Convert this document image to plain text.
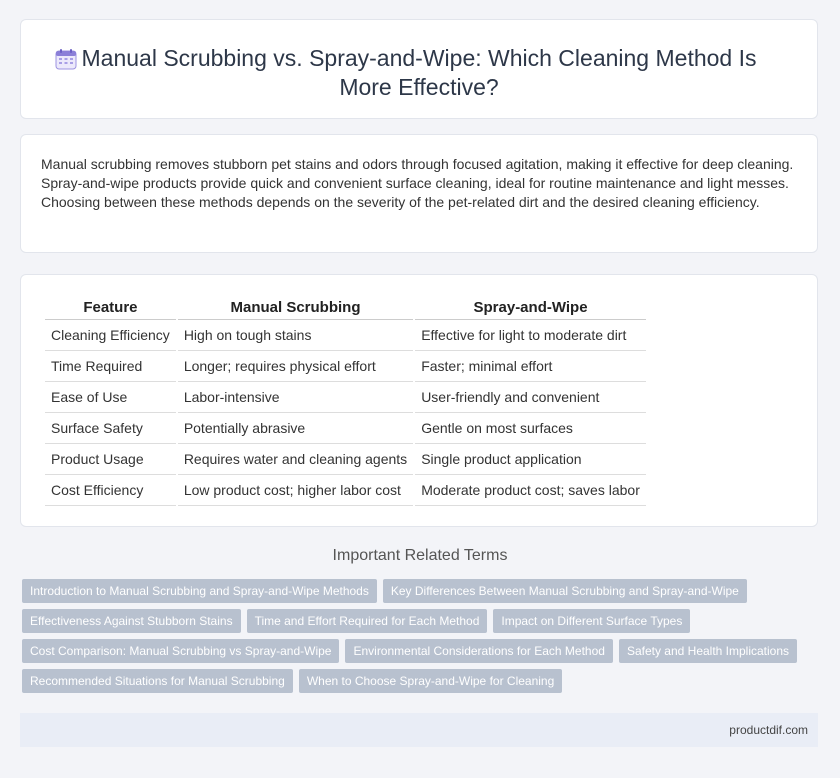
Manual Scrubbing vs. Spray-and-Wipe: Which Cleaning Method Is More Effective?

Manual scrubbing removes stubborn pet stains and odors through focused agitation, making it effective for deep cleaning. Spray-and-wipe products provide quick and convenient surface cleaning, ideal for routine maintenance and light messes. Choosing between these methods depends on the severity of the pet-related dirt and the desired cleaning efficiency.

Feature	Manual Scrubbing	Spray-and-Wipe
Cleaning Efficiency	High on tough stains	Effective for light to moderate dirt
Time Required	Longer; requires physical effort	Faster; minimal effort
Ease of Use	Labor-intensive	User-friendly and convenient
Surface Safety	Potentially abrasive	Gentle on most surfaces
Product Usage	Requires water and cleaning agents	Single product application
Cost Efficiency	Low product cost; higher labor cost	Moderate product cost; saves labor
Important Related Terms
Introduction to Manual Scrubbing and Spray-and-Wipe Methods	Key Differences Between Manual Scrubbing and Spray-and-Wipe
Effectiveness Against Stubborn Stains	Time and Effort Required for Each Method	Impact on Different Surface Types
Cost Comparison: Manual Scrubbing vs Spray-and-Wipe	Environmental Considerations for Each Method	Safety and Health Implications
Recommended Situations for Manual Scrubbing	When to Choose Spray-and-Wipe for Cleaning
productdif.com
